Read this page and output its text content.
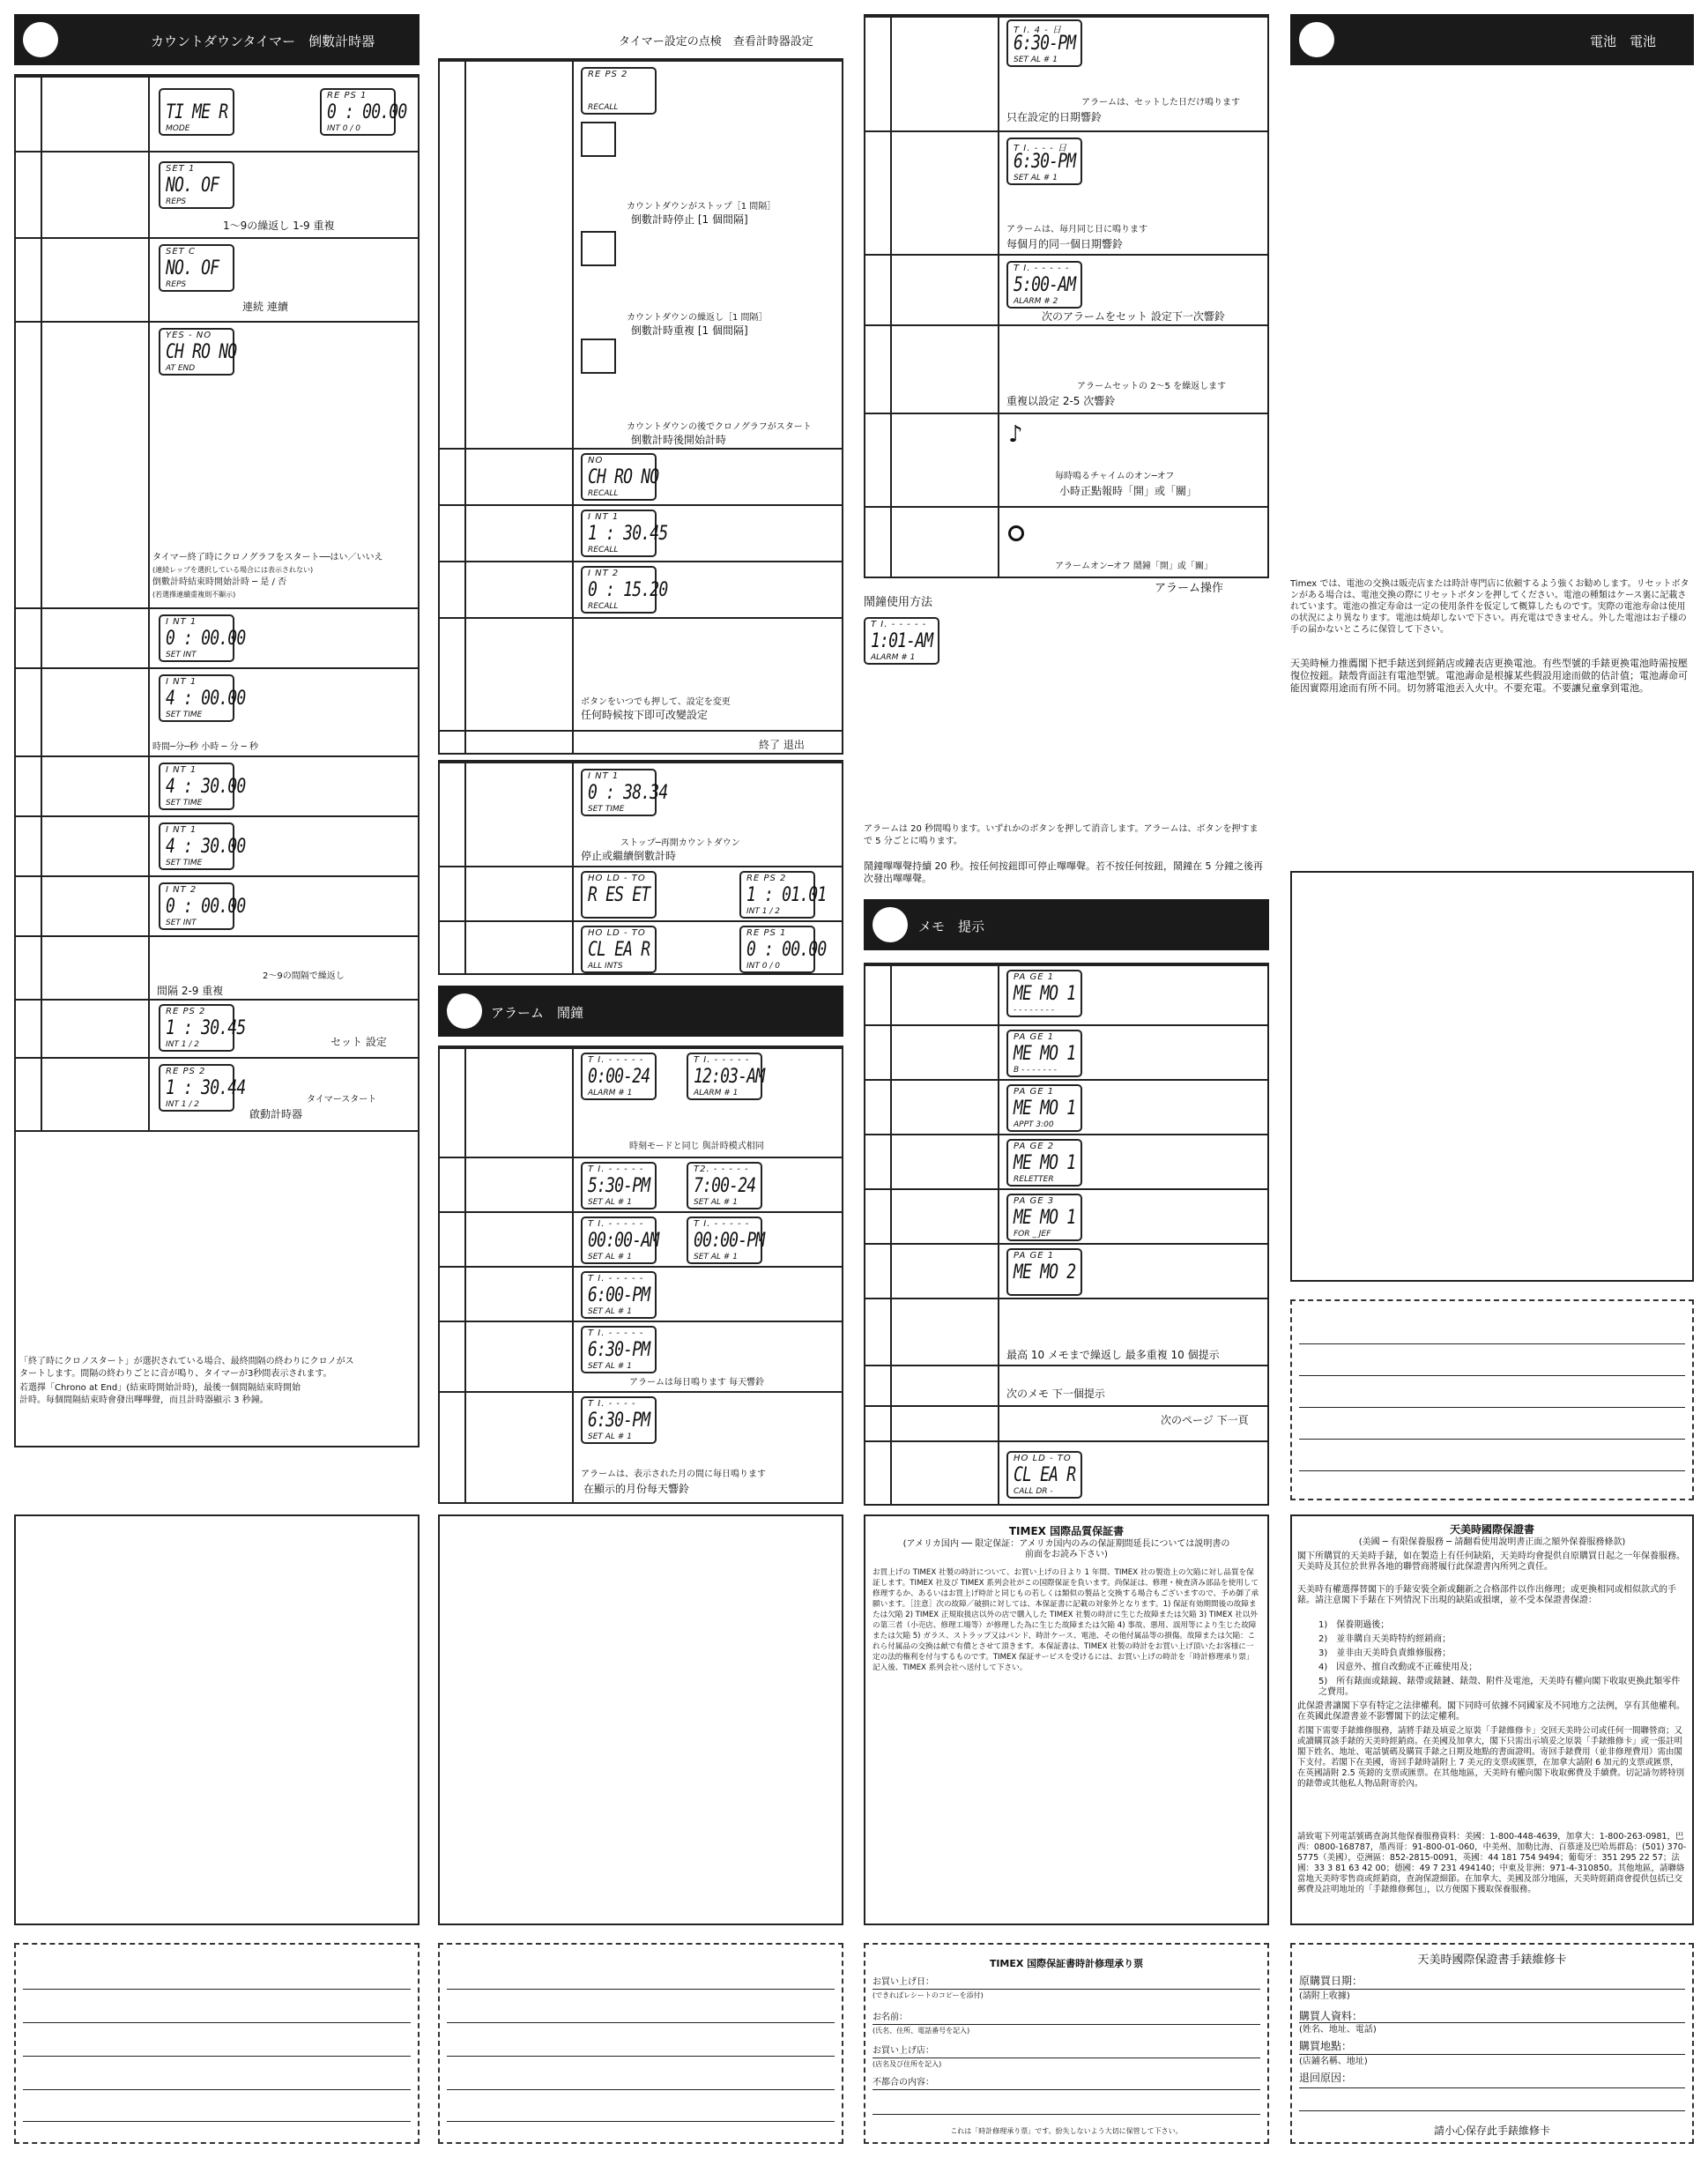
カウントダウンタイマー　倒數計時器
TI ME R
MODE
RE PS 1
0 : 00.00
INT 0 / 0
SET 1
NO. OF
REPS
1～9の繰返し 1-9 重複
SET C
NO. OF
REPS
連続 連續
YES - NO
CH RO NO
AT END
タイマー終了時にクロノグラフをスタート──はい／いいえ
(連続レップを選択している場合には表示されない)
倒數計時結束時開始計時 ─ 是 / 否
(若選擇連續重複則不顯示)
I NT 1
0 : 00.00
SET INT
I NT 1
4 : 00.00
SET TIME
時間─分─秒 小時 ─ 分 ─ 秒
I NT 1
4 : 30.00
SET TIME
I NT 1
4 : 30.00
SET TIME
I NT 2
0 : 00.00
SET INT
2～9の間隔で繰返し
間隔 2-9 重複
RE PS 2
1 : 30.45
INT 1 / 2	セット 設定
RE PS 2
1 : 30.44
INT 1 / 2	タイマースタート
啟動計時器
「終了時にクロノスタート」が選択されている場合、最終間隔の終わりにクロノがス
タートします。間隔の終わりごとに音が鳴り、タイマーが3秒間表示されます。
若選擇「Chrono at End」(結束時開始計時)，最後一個間隔結束時開始
計時。每個間隔結束時會發出嗶嗶聲，而且計時器顯示 3 秒鐘。
タイマー設定の点検　查看計時器設定
RE PS 2
RECALL
カウントダウンがストップ［1 間隔］
倒數計時停止 [1 個間隔]
カウントダウンの繰返し［1 間隔］
倒數計時重複 [1 個間隔]
カウントダウンの後でクロノグラフがスタート
倒數計時後開始計時
NO
CH RO NO
RECALL
I NT 1
1 : 30.45
RECALL
I NT 2
0 : 15.20
RECALL
ボタンをいつでも押して、設定を変更
任何時候按下即可改變設定
終了 退出
I NT 1
0 : 38.34
SET TIME
ストップ─再開カウントダウン
停止或繼續倒數計時
HO LD - TO
R ES ET
RE PS 2
1 : 01.01
INT 1 / 2
HO LD - TO
CL EA R
ALL INTS
RE PS 1
0 : 00.00
INT 0 / 0
アラーム　鬧鐘
T I. - - - - -
0:00-24
ALARM # 1
T I. - - - - -
12:03-AM
ALARM # 1
時刻モードと同じ 與計時模式相同
T I. - - - - -
5:30-PM
SET AL # 1
T2. - - - - -
7:00-24
SET AL # 1
T I. - - - - -
00:00-AM
SET AL # 1
T I. - - - - -
00:00-PM
SET AL # 1
T I. - - - - -
6:00-PM
SET AL # 1
T I. - - - - -
6:30-PM
SET AL # 1
アラームは毎日鳴ります 每天響鈴
T I. - - - -
6:30-PM
SET AL # 1
アラームは、表示された月の間に毎日鳴ります
在顯示的月份每天響鈴
T I. 4 - 日
6:30-PM
SET AL # 1
アラームは、セットした日だけ鳴ります
只在設定的日期響鈴
T I. - - - 日
6:30-PM
SET AL # 1
アラームは、毎月同じ日に鳴ります
每個月的同一個日期響鈴
T I. - - - - -
5:00-AM
ALARM # 2
次のアラームをセット 設定下一次響鈴
アラームセットの 2～5 を繰返します
重複以設定 2-5 次響鈴
♪
毎時鳴るチャイムのオン─オフ
小時正點報時「開」或「關」
アラームオン─オフ 鬧鐘「開」或「關」
アラーム操作
鬧鐘使用方法
T I. - - - - -
1:01-AM
ALARM # 1
アラームは 20 秒間鳴ります。いずれかのボタンを押して消音します。アラームは、ボタンを押すまで 5 分ごとに鳴ります。
鬧鐘嗶嗶聲持續 20 秒。按任何按鈕即可停止嗶嗶聲。若不按任何按鈕，鬧鐘在 5 分鐘之後再次發出嗶嗶聲。
メモ　提示
PA GE 1
ME MO 1
- - - - - - - -
PA GE 1
ME MO 1
B - - - - - - -
PA GE 1
ME MO 1
APPT 3:00
PA GE 2
ME MO 1
RELETTER
PA GE 3
ME MO 1
FOR _ JEF
PA GE 1
ME MO 2
最高 10 メモまで繰返し 最多重複 10 個提示
次のメモ 下一個提示
次のページ 下一頁
HO LD - TO
CL EA R
CALL DR -
TIMEX 国際品質保証書
(アメリカ国内 ── 限定保証：アメリカ国内のみの保証期間延長については説明書の前面をお読み下さい)
お買上げの TIMEX 社製の時計について、お買い上げの日より 1 年間、TIMEX 社の製造上の欠陥に対し品質を保証します。TIMEX 社及び TIMEX 系列会社がこの国際保証を負います。尚保証は、修理・検査済み部品を使用して修理するか、あるいはお買上げ時計と同じもの若しくは類似の製品と交換する場合もございますので、予め御了承願います。［注意］次の故障／破損に対しては、本保証書に記載の対象外となります。1) 保証有効期間後の故障または欠陥 2) TIMEX 正規取扱店以外の店で購入した TIMEX 社製の時計に生じた故障または欠陥 3) TIMEX 社以外の第三者（小売店、修理工場等）が修理した為に生じた故障または欠陥 4) 事故、悪用、誤用等により生じた故障または欠陥 5) ガラス、ストラップ又はバンド、時計ケース、電池、その他付属品等の損傷。故障または欠陥：これら付属品の交換は献で有償とさせて頂きます。本保証書は、TIMEX 社製の時計をお買い上げ頂いたお客様に一定の法的権利を付与するものです。TIMEX 保証サービスを受けるには、お買い上げの時計を「時計修理承り票」記入後、TIMEX 系列会社へ送付して下さい。
TIMEX 国際保証書時計修理承り票
お買い上げ日：
(できればレシートのコピーを添付)
お名前：
(氏名、住所、電話番号を記入)
お買い上げ店：
(店名及び住所を記入)
不都合の内容：
これは「時計修理承り票」です。紛失しないよう大切に保管して下さい。
電池　電池
Timex では、電池の交換は販売店または時計専門店に依頼するよう強くお勧めします。リセットボタンがある場合は、電池交換の際にリセットボタンを押してください。電池の種類はケース裏に記載されています。電池の推定寿命は一定の使用条件を仮定して概算したものです。実際の電池寿命は使用の状況により異なります。電池は焼却しないで下さい。再充電はできません。外した電池はお子様の手の届かないところに保管して下さい。
天美時極力推薦閣下把手錶送到經銷店或鐘表店更換電池。有些型號的手錶更換電池時需按壓復位按鈕。錶殼背面註有電池型號。電池壽命是根據某些假設用途而做的估計值；電池壽命可能因實際用途而有所不同。切勿將電池丟入火中。不要充電。不要讓兒童拿到電池。
天美時國際保證書
(美國 ─ 有限保養服務 ─ 請翻看使用說明書正面之額外保養服務條款)
閣下所購買的天美時手錶，如在製造上有任何缺陷，天美時均會提供自原購買日起之一年保養服務。天美時及其位於世界各地的聯營商將履行此保證書內所列之責任。
天美時有權選擇替閣下的手錶安裝全新或翻新之合格部件以作出修理；或更換相同或相似款式的手錶。請注意閣下手錶在下列情況下出現的缺陷或損壞，並不受本保證書保證：
1)　保養期過後；
2)　並非購自天美時特約經銷商；
3)　並非由天美時負責維修服務；
4)　因意外、擅自改動或不正確使用及；
5)　所有錶面或錶鏡、錶帶或錶鏈、錶殼、附件及電池，天美時有權向閣下收取更換此類零件之費用。
此保證書讓閣下享有特定之法律權利。閣下同時可依據不同國家及不同地方之法例，享有其他權利。在英國此保證書並不影響閣下的法定權利。
若閣下需要手錶維修服務，請將手錶及填妥之原裝「手錶維修卡」交回天美時公司或任何一間聯營商；又或讀購買該手錶的天美時經銷商。在美國及加拿大，閣下只需出示填妥之原裝「手錶維修卡」或一張註明閣下姓名、地址、電話號碼及購買手錶之日期及地點的書面證明。寄回手錶費用（並非修理費用）需由閣下支付。若閣下在美國，寄回手錶時請附上 7 美元的支票或匯票，在加拿大請附 6 加元的支票或匯票，在英國請附 2.5 英鎊的支票或匯票。在其他地區，天美時有權向閣下收取郵費及手續費。切記請勿將特別的錶帶或其他私人物品附寄於內。
請致電下列電話號碼查詢其他保養服務資料：美國：1-800-448-4639，加拿大：1-800-263-0981，巴西：0800-168787，墨西哥：91-800-01-060，中美州、加勒比海、百慕達及巴哈馬群島：(501) 370-5775（美國），亞洲區：852-2815-0091，英國：44 181 754 9494；葡萄牙：351 295 22 57；法國：33 3 81 63 42 00；德國：49 7 231 494140；中東及非洲：971-4-310850。其他地區，請聯絡當地天美時零售商或經銷商，查詢保證細節。在加拿大、美國及部分地區，天美時經銷商會提供包括已交郵費及註明地址的「手錶維修郵包」，以方便閣下獲取保養服務。
天美時國際保證書手錶維修卡
原購買日期：
(請附上收據)
購買人資料：
(姓名、地址、電話)
購買地點：
(店鋪名稱、地址)
退回原因：
請小心保存此手錶維修卡
